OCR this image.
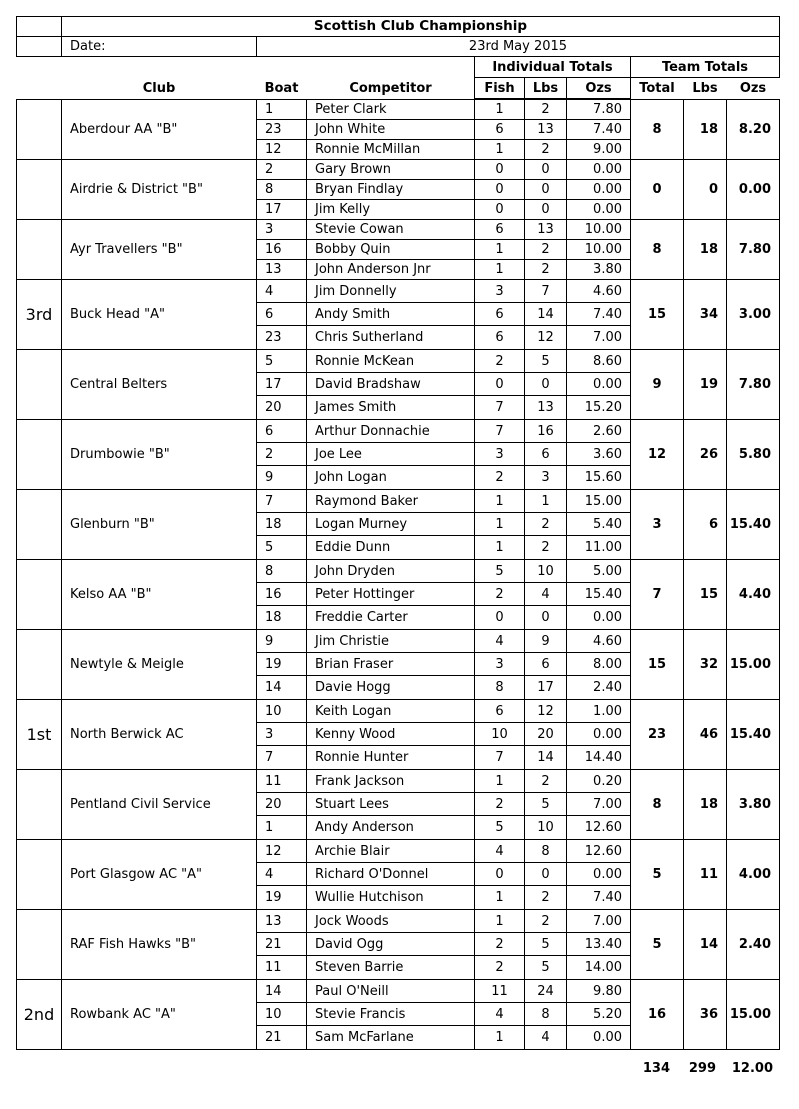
Scottish Club Championship
Date:	23rd May 2015
Individual Totals	Team Totals
Club	Boat	Competitor	Fish	Lbs	Ozs	Total	Lbs	Ozs
Aberdour AA "B"	8	18	8.20
1	Peter Clark	1	2	7.80
23	John White	6	13	7.40
12	Ronnie McMillan	1	2	9.00
Airdrie & District "B"	0	0	0.00
2	Gary Brown	0	0	0.00
8	Bryan Findlay	0	0	0.00
17	Jim Kelly	0	0	0.00
Ayr Travellers "B"	8	18	7.80
3	Stevie Cowan	6	13	10.00
16	Bobby Quin	1	2	10.00
13	John Anderson Jnr	1	2	3.80
3rd	Buck Head "A"	15	34	3.00
4	Jim Donnelly	3	7	4.60
6	Andy Smith	6	14	7.40
23	Chris Sutherland	6	12	7.00
Central Belters	9	19	7.80
5	Ronnie McKean	2	5	8.60
17	David Bradshaw	0	0	0.00
20	James Smith	7	13	15.20
Drumbowie "B"	12	26	5.80
6	Arthur Donnachie	7	16	2.60
2	Joe Lee	3	6	3.60
9	John Logan	2	3	15.60
Glenburn "B"	3	6 15.40
7	Raymond Baker	1	1	15.00
18	Logan Murney	1	2	5.40
5	Eddie Dunn	1	2	11.00
Kelso AA "B"	7	15	4.40
8	John Dryden	5	10	5.00
16	Peter Hottinger	2	4	15.40
18	Freddie Carter	0	0	0.00
Newtyle & Meigle	15	32 15.00
9	Jim Christie	4	9	4.60
19	Brian Fraser	3	6	8.00
14	Davie Hogg	8	17	2.40
1st	North Berwick AC	23	46 15.40
10	Keith Logan	6	12	1.00
3	Kenny Wood	10	20	0.00
7	Ronnie Hunter	7	14	14.40
Pentland Civil Service	8	18	3.80
11	Frank Jackson	1	2	0.20
20	Stuart Lees	2	5	7.00
1	Andy Anderson	5	10	12.60
Port Glasgow AC "A"	5	11	4.00
12	Archie Blair	4	8	12.60
4	Richard O'Donnel	0	0	0.00
19	Wullie Hutchison	1	2	7.40
RAF Fish Hawks "B"	5	14	2.40
13	Jock Woods	1	2	7.00
21	David Ogg	2	5	13.40
11	Steven Barrie	2	5	14.00
2nd	Rowbank AC "A"	16	36 15.00
14	Paul O'Neill	11	24	9.80
10	Stevie Francis	4	8	5.20
21	Sam McFarlane	1	4	0.00
134	299	12.00
